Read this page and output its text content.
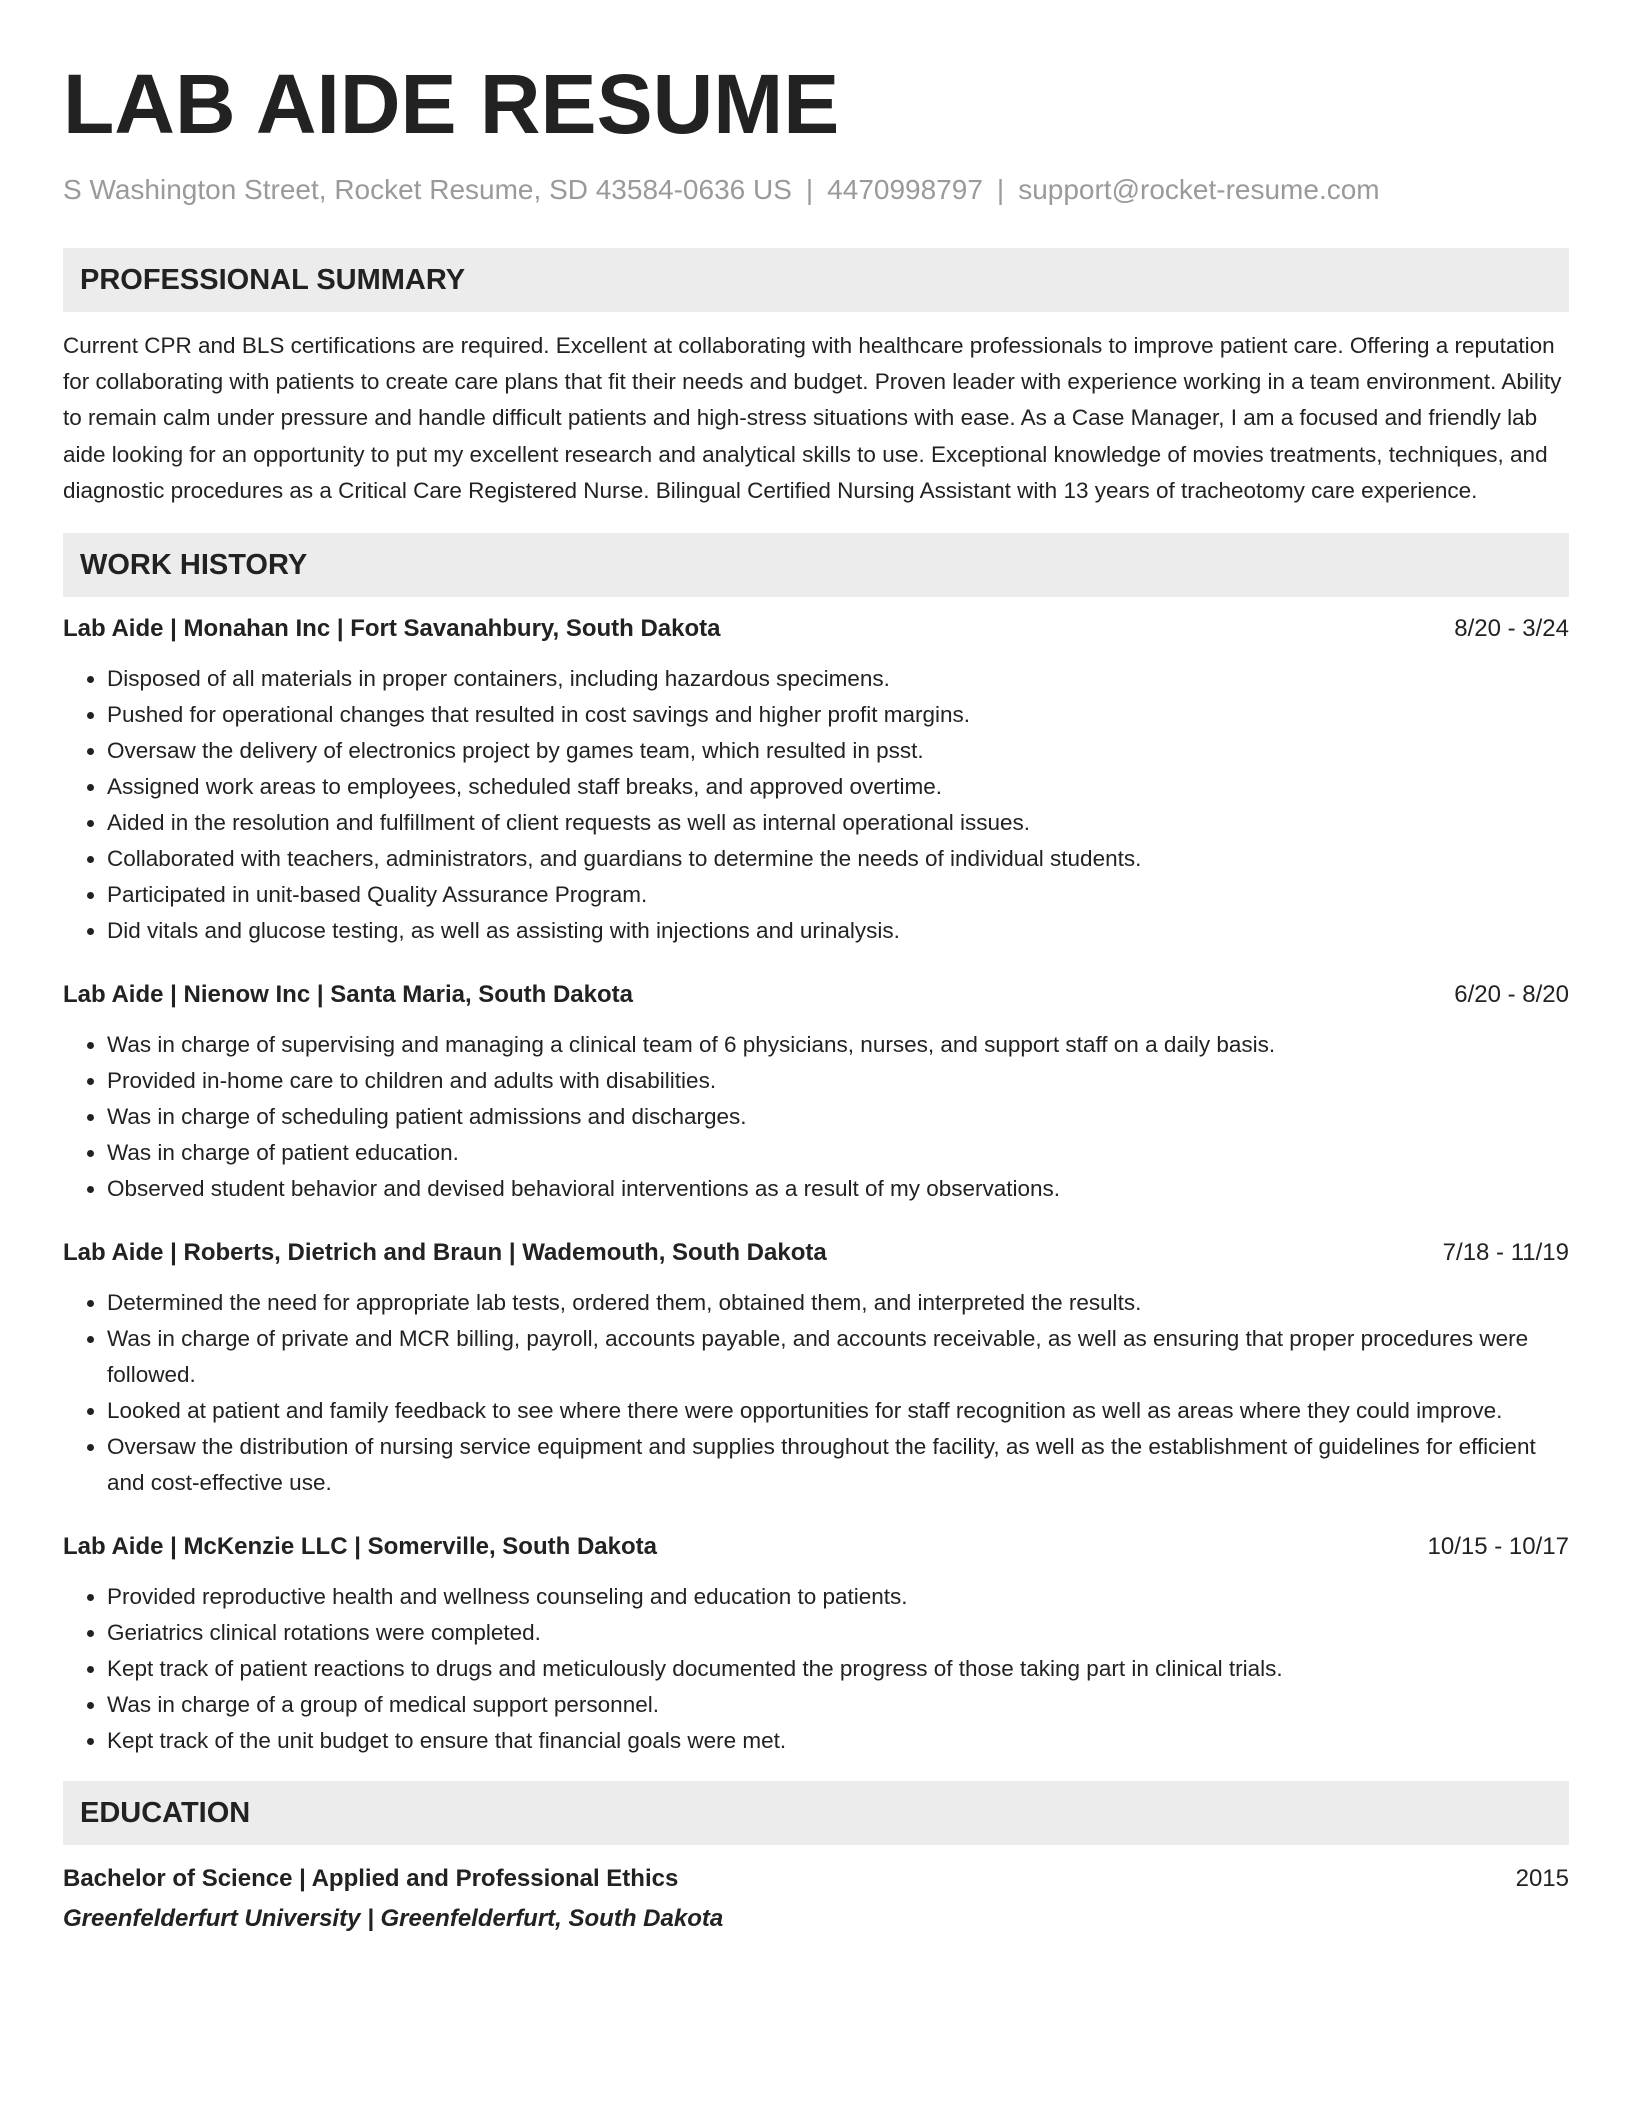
LAB AIDE RESUME
S Washington Street, Rocket Resume, SD 43584-0636 US | 4470998797 | support@rocket-resume.com
PROFESSIONAL SUMMARY
Current CPR and BLS certifications are required. Excellent at collaborating with healthcare professionals to improve patient care. Offering a reputation for collaborating with patients to create care plans that fit their needs and budget. Proven leader with experience working in a team environment. Ability to remain calm under pressure and handle difficult patients and high-stress situations with ease. As a Case Manager, I am a focused and friendly lab aide looking for an opportunity to put my excellent research and analytical skills to use. Exceptional knowledge of movies treatments, techniques, and diagnostic procedures as a Critical Care Registered Nurse. Bilingual Certified Nursing Assistant with 13 years of tracheotomy care experience.
WORK HISTORY
Lab Aide | Monahan Inc | Fort Savanahbury, South Dakota	8/20 - 3/24
• Disposed of all materials in proper containers, including hazardous specimens.
• Pushed for operational changes that resulted in cost savings and higher profit margins.
• Oversaw the delivery of electronics project by games team, which resulted in psst.
• Assigned work areas to employees, scheduled staff breaks, and approved overtime.
• Aided in the resolution and fulfillment of client requests as well as internal operational issues.
• Collaborated with teachers, administrators, and guardians to determine the needs of individual students.
• Participated in unit-based Quality Assurance Program.
• Did vitals and glucose testing, as well as assisting with injections and urinalysis.
Lab Aide | Nienow Inc | Santa Maria, South Dakota	6/20 - 8/20
• Was in charge of supervising and managing a clinical team of 6 physicians, nurses, and support staff on a daily basis.
• Provided in-home care to children and adults with disabilities.
• Was in charge of scheduling patient admissions and discharges.
• Was in charge of patient education.
• Observed student behavior and devised behavioral interventions as a result of my observations.
Lab Aide | Roberts, Dietrich and Braun | Wademouth, South Dakota	7/18 - 11/19
• Determined the need for appropriate lab tests, ordered them, obtained them, and interpreted the results.
• Was in charge of private and MCR billing, payroll, accounts payable, and accounts receivable, as well as ensuring that proper procedures were followed.
• Looked at patient and family feedback to see where there were opportunities for staff recognition as well as areas where they could improve.
• Oversaw the distribution of nursing service equipment and supplies throughout the facility, as well as the establishment of guidelines for efficient and cost-effective use.
Lab Aide | McKenzie LLC | Somerville, South Dakota	10/15 - 10/17
• Provided reproductive health and wellness counseling and education to patients.
• Geriatrics clinical rotations were completed.
• Kept track of patient reactions to drugs and meticulously documented the progress of those taking part in clinical trials.
• Was in charge of a group of medical support personnel.
• Kept track of the unit budget to ensure that financial goals were met.
EDUCATION
Bachelor of Science | Applied and Professional Ethics	2015
Greenfelderfurt University | Greenfelderfurt, South Dakota
